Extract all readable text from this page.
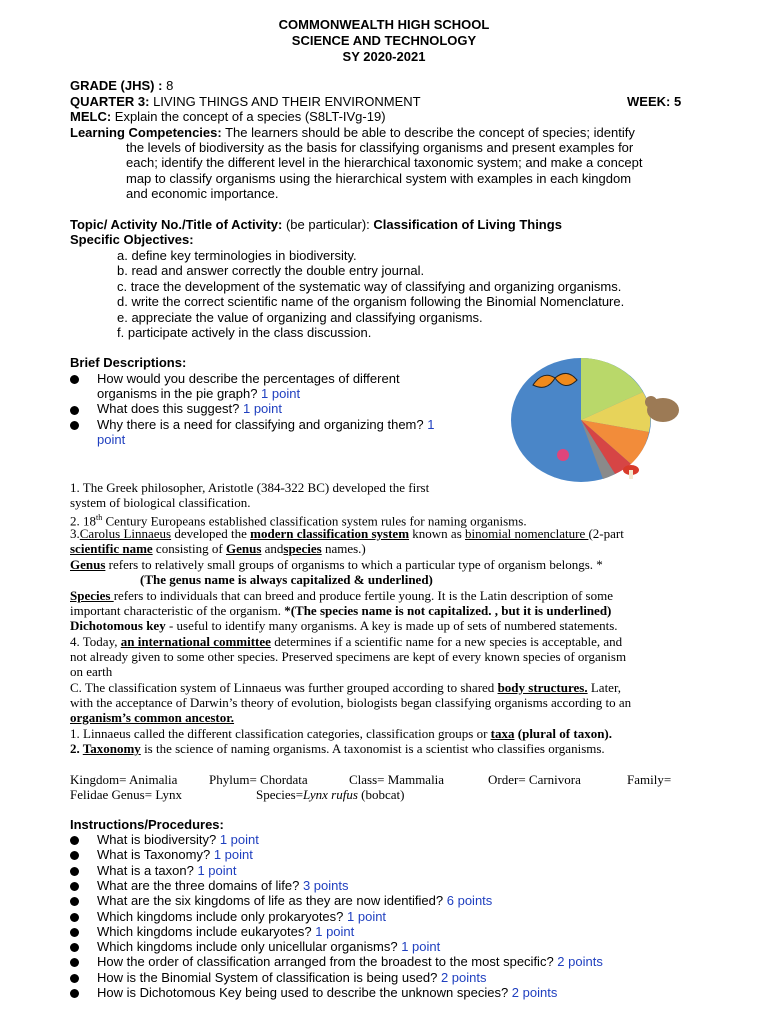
COMMONWEALTH HIGH SCHOOL
SCIENCE AND TECHNOLOGY
SY 2020-2021
GRADE (JHS) : 8
QUARTER 3: LIVING THINGS AND THEIR ENVIRONMENT	WEEK: 5
MELC: Explain the concept of a species (S8LT-IVg-19)
Learning Competencies: The learners should be able to describe the concept of species; identify
the levels of biodiversity as the basis for classifying organisms and present examples for
each; identify the different level in the hierarchical taxonomic system; and make a concept
map to classify organisms using the hierarchical system with examples in each kingdom
and economic importance.
Topic/ Activity No./Title of Activity: (be particular): Classification of Living Things
Specific Objectives:
a. define key terminologies in biodiversity.
b. read and answer correctly the double entry journal.
c. trace the development of the systematic way of classifying and organizing organisms.
d. write the correct scientific name of the organism following the Binomial Nomenclature.
e. appreciate the value of organizing and classifying organisms.
f. participate actively in the class discussion.
Brief Descriptions:
How would you describe the percentages of different
organisms in the pie graph? 1 point
What does this suggest? 1 point
Why there is a need for classifying and organizing them? 1
point
1. The Greek philosopher, Aristotle (384-322 BC) developed the first
system of biological classification.
2. 18th Century Europeans established classification system rules for naming organisms.
3.Carolus Linnaeus developed the modern classification system known as binomial nomenclature (2-part
scientific name consisting of Genus andspecies names.)
Genus refers to relatively small groups of organisms to which a particular type of organism belongs. *
(The genus name is always capitalized & underlined)
Species refers to individuals that can breed and produce fertile young. It is the Latin description of some
important characteristic of the organism. *(The species name is not capitalized. , but it is underlined)
Dichotomous key - useful to identify many organisms. A key is made up of sets of numbered statements.
4. Today, an international committee determines if a scientific name for a new species is acceptable, and
not already given to some other species. Preserved specimens are kept of every known species of organism
on earth
C. The classification system of Linnaeus was further grouped according to shared body structures. Later,
with the acceptance of Darwin’s theory of evolution, biologists began classifying organisms according to an
organism’s common ancestor.
1. Linnaeus called the different classification categories, classification groups or taxa (plural of taxon).
2. Taxonomy is the science of naming organisms. A taxonomist is a scientist who classifies organisms.
Kingdom= Animalia Phylum= Chordata	Class= Mammalia	Order= Carnivora	Family=
Felidae Genus= Lynx	Species=Lynx rufus (bobcat)
Instructions/Procedures:
What is biodiversity? 1 point
What is Taxonomy? 1 point
What is a taxon? 1 point
What are the three domains of life? 3 points
What are the six kingdoms of life as they are now identified? 6 points
Which kingdoms include only prokaryotes? 1 point
Which kingdoms include eukaryotes? 1 point
Which kingdoms include only unicellular organisms? 1 point
How the order of classification arranged from the broadest to the most specific? 2 points
How is the Binomial System of classification is being used? 2 points
How is Dichotomous Key being used to describe the unknown species? 2 points
